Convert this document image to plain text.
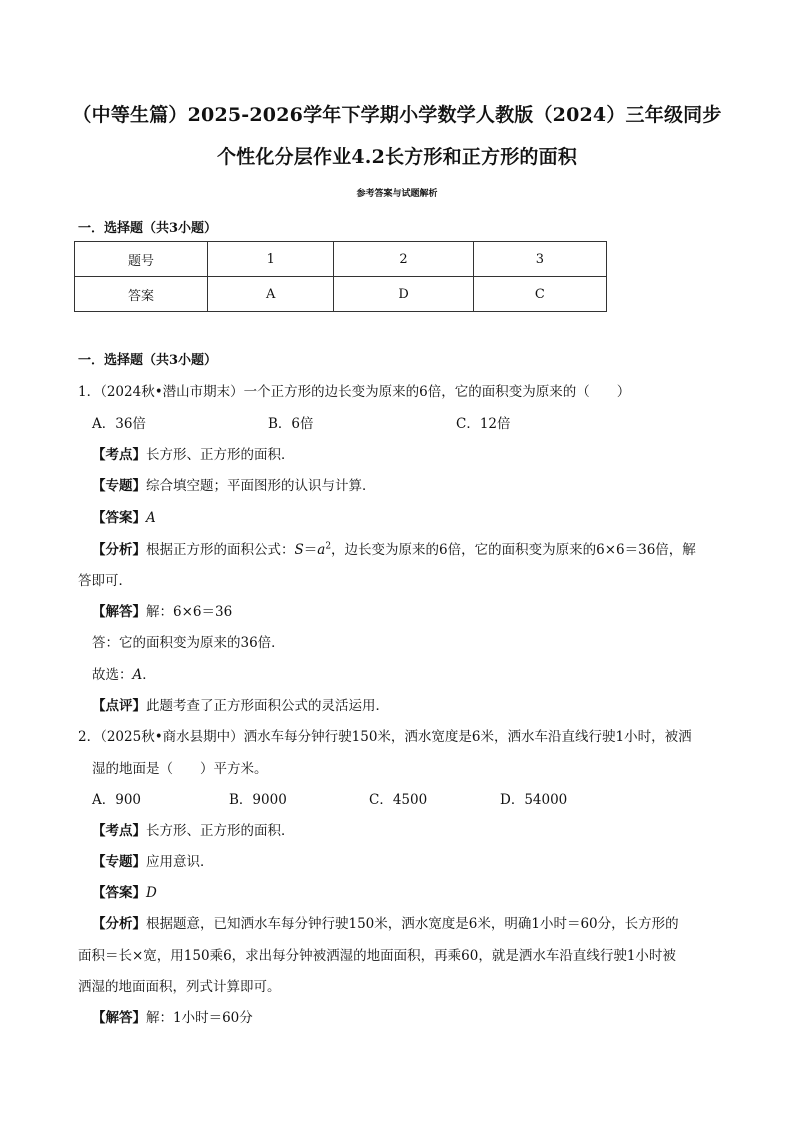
（中等生篇）2025-2026学年下学期小学数学人教版（2024）三年级同步
个性化分层作业4.2长方形和正方形的面积
参考答案与试题解析
一．选择题（共3小题）
题号	1	2	3
答案	A	D	C
一．选择题（共3小题）
1．（2024秋•潜山市期末）一个正方形的边长变为原来的6倍，它的面积变为原来的（　　）
A．36倍	B．6倍	C．12倍
【考点】长方形、正方形的面积．
【专题】综合填空题；平面图形的认识与计算．
【答案】A
【分析】根据正方形的面积公式：$S=a^2$，边长变为原来的6倍，它的面积变为原来的6×6＝36倍，解
答即可．
【解答】解：6×6＝36
答：它的面积变为原来的36倍．
故选：A．
【点评】此题考查了正方形面积公式的灵活运用．
2．（2025秋•商水县期中）洒水车每分钟行驶150米，洒水宽度是6米，洒水车沿直线行驶1小时，被洒
湿的地面是（　　）平方米。
A．900	B．9000	C．4500	D．54000
【考点】长方形、正方形的面积．
【专题】应用意识．
【答案】D
【分析】根据题意，已知洒水车每分钟行驶150米，洒水宽度是6米，明确1小时＝60分，长方形的
面积＝长×宽，用150乘6，求出每分钟被洒湿的地面面积，再乘60，就是洒水车沿直线行驶1小时被
洒湿的地面面积，列式计算即可。
【解答】解：1小时＝60分
